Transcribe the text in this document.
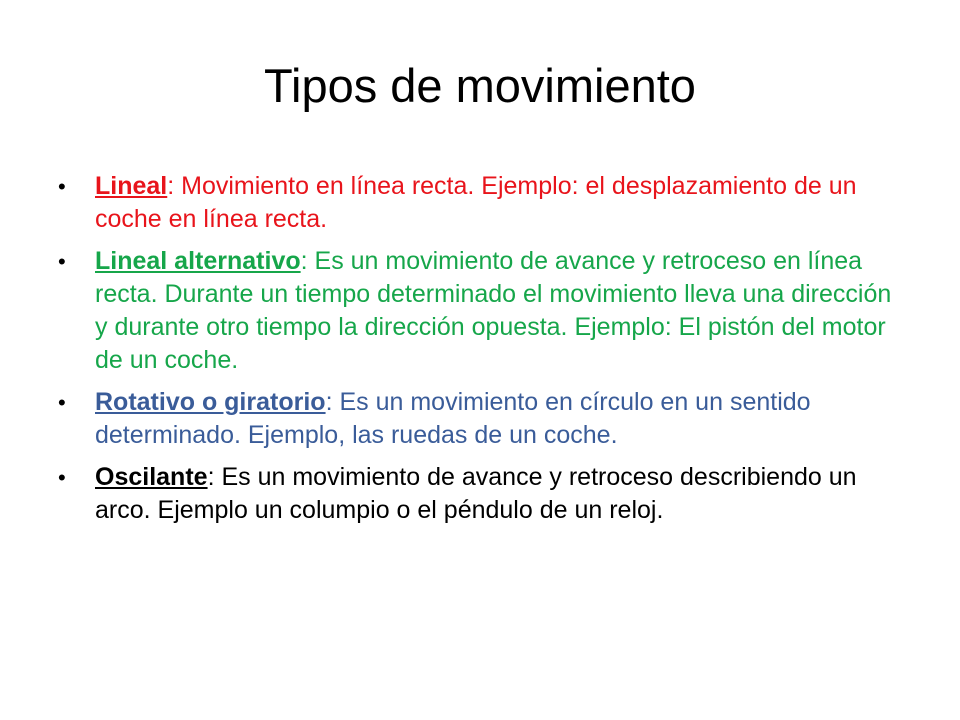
Tipos de movimiento
•	Lineal: Movimiento en línea recta. Ejemplo: el desplazamiento de un coche en línea recta.
•	Lineal alternativo: Es un movimiento de avance y retroceso en línea recta. Durante un tiempo determinado el movimiento lleva una dirección y durante otro tiempo la dirección opuesta. Ejemplo: El pistón del motor de un coche.
•	Rotativo o giratorio: Es un movimiento en círculo en un sentido determinado. Ejemplo, las ruedas de un coche.
•	Oscilante: Es un movimiento de avance y retroceso describiendo un arco. Ejemplo un columpio o el péndulo de un reloj.
